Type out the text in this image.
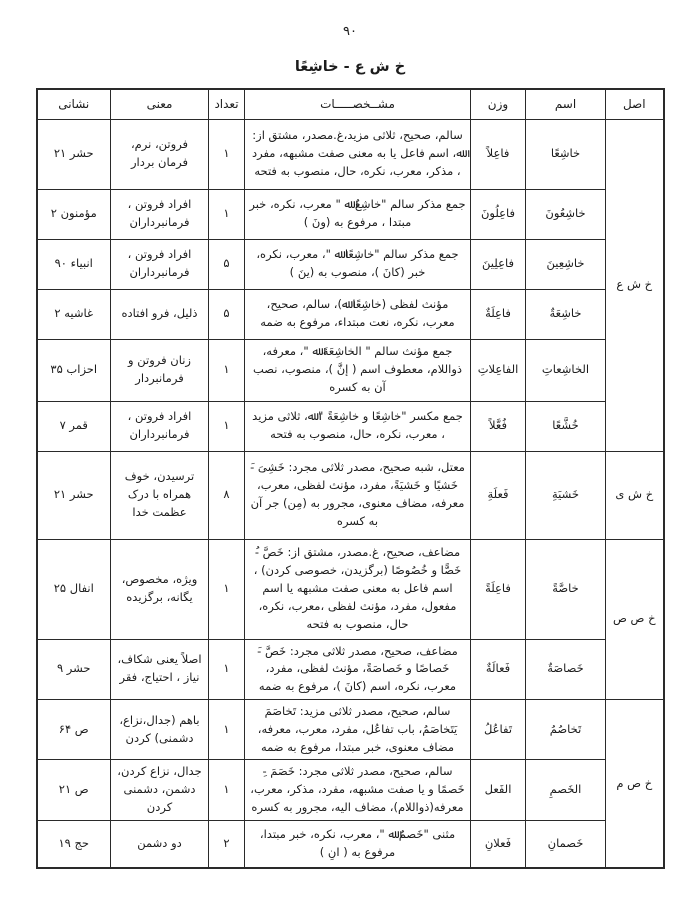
۹۰
خ ش ع - خاشِعًا
اصل	اسم	وزن	مشــخصـــــات	تعداد	معنی	نشانی
خ ش ع	خاشِعًا	فاعِلاً	سالم، صحیح، ثلاثی مزید،غ.مصدر، مشتق از: ﷲ، اسم فاعل یا به معنی صفت مشبهه، مفرد ، مذکر، معرب، نکره، حال، منصوب به فتحه	۱	فروتن، نرم، فرمان بردار	حشر ۲۱
	خاشِعُونَ	فاعِلُونَ	جمع مذکر سالم "خاشِعٌ ﷲ " معرب، نکره، خبر مبتدا ، مرفوع به (ونَ )	۱	افراد فروتن ، فرمانبرداران	مؤمنون ۲
	خاشِعِینَ	فاعِلِینَ	جمع مذکر سالم "خاشِعًا ﷲ "، معرب، نکره، خبر (کانَ )، منصوب به (ینَ )	۵	افراد فروتن ، فرمانبرداران	انبیاء ۹۰
	خاشِعَةٌ	فاعِلَةٌ	مؤنث لفظی (خاشِعًا ﷲ)، سالم، صحیح، معرب، نکره، نعت مبتداء، مرفوع به ضمه	۵	ذلیل، فرو افتاده	غاشیه ۲
	الخاشِعاتِ	الفاعِلاتِ	جمع مؤنث سالم " الخاشِعَةَ ﷲ "، معرفه، ذواللام، معطوف اسم ( إنَّ )، منصوب، نصب آن به کسره	۱	زنان فروتن و فرمانبردار	احزاب ۳۵
	خُشَّعًا	فُعَّلاً	جمع مکسر "خاشِعًا و خاشِعَةً " ﷲ، ثلاثی مزید ، معرب، نکره، حال، منصوب به فتحه	۱	افراد فروتن ، فرمانبرداران	قمر ۷
خ ش ی	خَشیَةِ	فَعلَةِ	معتل، شبه صحیح، مصدر ثلاثی مجرد: خَشِیَ -َ خَشیًا و خَشیَةً، مفرد، مؤنث لفظی، معرب، معرفه، مضاف معنوی، مجرور به (مِن) جر آن به کسره	۸	ترسیدن، خوف همراه با درک عظمت خدا	حشر ۲۱
خ ص ص	خاصَّةً	فاعِلَةً	مضاعف، صحیح، غ.مصدر، مشتق از: خَصَّ -ُ خَصًّا و خُصُوصًا (برگزیدن، خصوصی کردن) ، اسم فاعل به معنی صفت مشبهه یا اسم مفعول، مفرد، مؤنث لفظی ،معرب، نکره، حال، منصوب به فتحه	۱	ویژه، مخصوص، یگانه، برگزیده	انفال ۲۵
	خَصاصَةٌ	فَعالَةٌ	مضاعف، صحیح، مصدر ثلاثی مجرد: خَصَّ -َ خَصاصًا و خَصاصَةً، مؤنث لفظی، مفرد، معرب، نکره، اسم (کانَ )، مرفوع به ضمه	۱	اصلاً یعنی شکاف، نیاز ، احتیاج، فقر	حشر ۹
خ ص م	تَخاصُمُ	تَفاعُلُ	سالم، صحیح، مصدر ثلاثی مزید: تَخاصَمَ یَتَخاصَمُ، باب تفاعُل، مفرد، معرب، معرفه، مضاف معنوی، خبر مبتدا، مرفوع به ضمه	۱	باهم (جدال،نزاع، دشمنی) کردن	ص ۶۴
	الخَصمِ	الفَعل	سالم، صحیح، مصدر ثلاثی مجرد: خَصَمَ -ِ خَصمًا و یا صفت مشبهه، مفرد، مذکر، معرب، معرفه(ذواللام)، مضاف الیه، مجرور به کسره	۱	جدال، نزاع کردن، دشمن، دشمنی کردن	ص ۲۱
	خَصمانِ	فَعلانِ	مثنی "خَصمٌ ﷲ "، معرب، نکره، خبر مبتدا، مرفوع به ( انِ )	۲	دو دشمن	حج ۱۹
